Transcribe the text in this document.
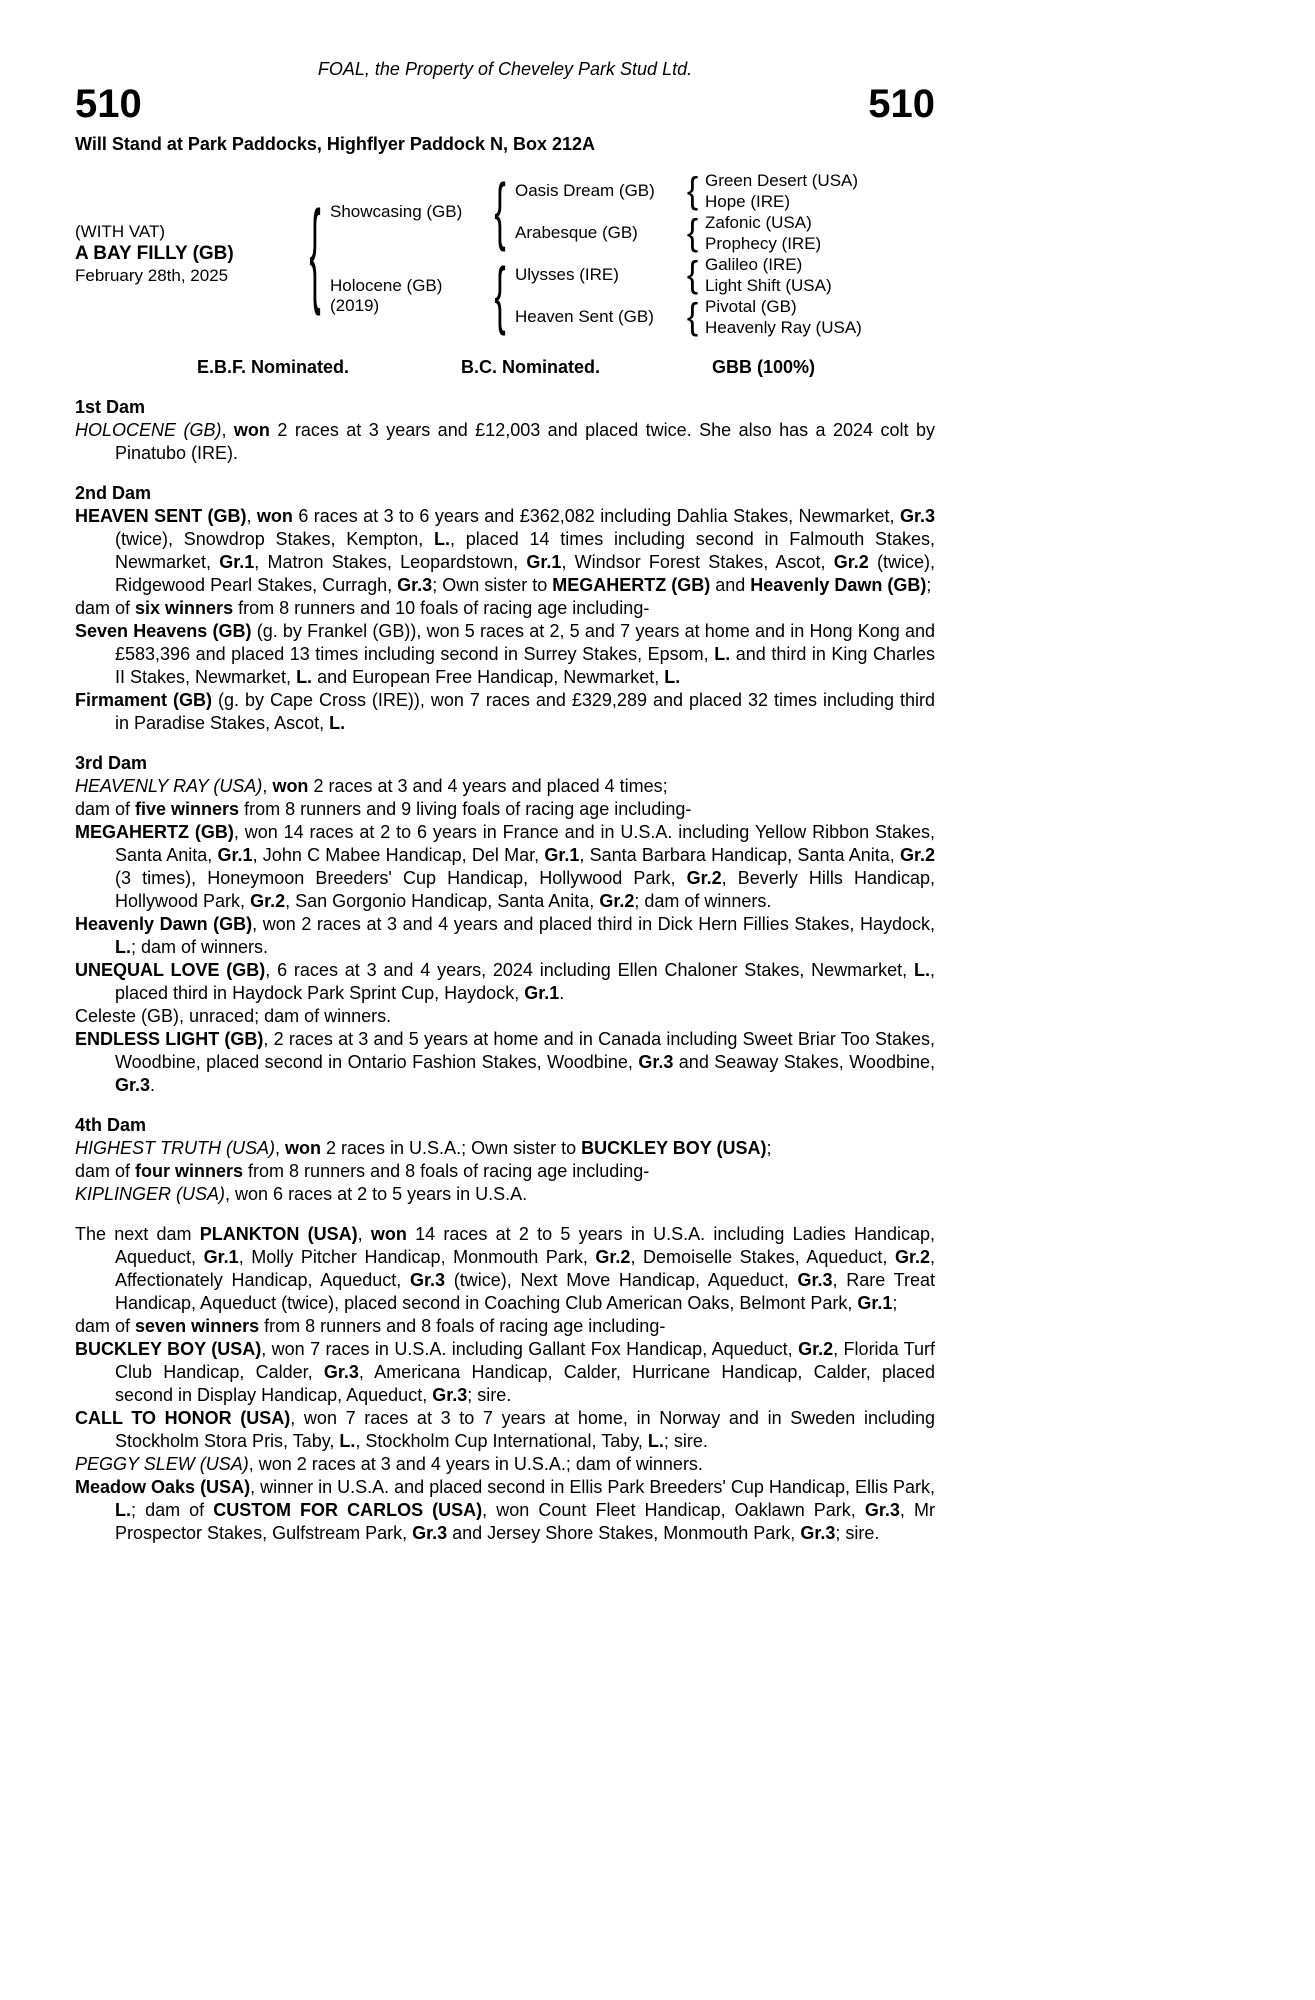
FOAL, the Property of Cheveley Park Stud Ltd.
510	510
Will Stand at Park Paddocks, Highflyer Paddock N, Box 212A
(WITH VAT)
A BAY FILLY (GB)
February 28th, 2025
{
Showcasing (GB)
Holocene (GB)
(2019)
{
{
Oasis Dream (GB)
Arabesque (GB)
Ulysses (IRE)
Heaven Sent (GB)
{
{
{
{
Green Desert (USA)
Hope (IRE)
Zafonic (USA)
Prophecy (IRE)
Galileo (IRE)
Light Shift (USA)
Pivotal (GB)
Heavenly Ray (USA)
E.B.F. Nominated.	B.C. Nominated.	GBB (100%)
1st Dam

HOLOCENE (GB), won 2 races at 3 years and £12,003 and placed twice. She also has a 2024 colt by Pinatubo (IRE).

2nd Dam

HEAVEN SENT (GB), won 6 races at 3 to 6 years and £362,082 including Dahlia Stakes, Newmarket, Gr.3 (twice), Snowdrop Stakes, Kempton, L., placed 14 times including second in Falmouth Stakes, Newmarket, Gr.1, Matron Stakes, Leopardstown, Gr.1, Windsor Forest Stakes, Ascot, Gr.2 (twice), Ridgewood Pearl Stakes, Curragh, Gr.3; Own sister to MEGAHERTZ (GB) and Heavenly Dawn (GB);

dam of six winners from 8 runners and 10 foals of racing age including-

Seven Heavens (GB) (g. by Frankel (GB)), won 5 races at 2, 5 and 7 years at home and in Hong Kong and £583,396 and placed 13 times including second in Surrey Stakes, Epsom, L. and third in King Charles II Stakes, Newmarket, L. and European Free Handicap, Newmarket, L.

Firmament (GB) (g. by Cape Cross (IRE)), won 7 races and £329,289 and placed 32 times including third in Paradise Stakes, Ascot, L.

3rd Dam

HEAVENLY RAY (USA), won 2 races at 3 and 4 years and placed 4 times;

dam of five winners from 8 runners and 9 living foals of racing age including-

MEGAHERTZ (GB), won 14 races at 2 to 6 years in France and in U.S.A. including Yellow Ribbon Stakes, Santa Anita, Gr.1, John C Mabee Handicap, Del Mar, Gr.1, Santa Barbara Handicap, Santa Anita, Gr.2 (3 times), Honeymoon Breeders' Cup Handicap, Hollywood Park, Gr.2, Beverly Hills Handicap, Hollywood Park, Gr.2, San Gorgonio Handicap, Santa Anita, Gr.2; dam of winners.

Heavenly Dawn (GB), won 2 races at 3 and 4 years and placed third in Dick Hern Fillies Stakes, Haydock, L.; dam of winners.

UNEQUAL LOVE (GB), 6 races at 3 and 4 years, 2024 including Ellen Chaloner Stakes, Newmarket, L., placed third in Haydock Park Sprint Cup, Haydock, Gr.1.

Celeste (GB), unraced; dam of winners.

ENDLESS LIGHT (GB), 2 races at 3 and 5 years at home and in Canada including Sweet Briar Too Stakes, Woodbine, placed second in Ontario Fashion Stakes, Woodbine, Gr.3 and Seaway Stakes, Woodbine, Gr.3.

4th Dam

HIGHEST TRUTH (USA), won 2 races in U.S.A.; Own sister to BUCKLEY BOY (USA);

dam of four winners from 8 runners and 8 foals of racing age including-

KIPLINGER (USA), won 6 races at 2 to 5 years in U.S.A.

The next dam PLANKTON (USA), won 14 races at 2 to 5 years in U.S.A. including Ladies Handicap, Aqueduct, Gr.1, Molly Pitcher Handicap, Monmouth Park, Gr.2, Demoiselle Stakes, Aqueduct, Gr.2, Affectionately Handicap, Aqueduct, Gr.3 (twice), Next Move Handicap, Aqueduct, Gr.3, Rare Treat Handicap, Aqueduct (twice), placed second in Coaching Club American Oaks, Belmont Park, Gr.1;

dam of seven winners from 8 runners and 8 foals of racing age including-

BUCKLEY BOY (USA), won 7 races in U.S.A. including Gallant Fox Handicap, Aqueduct, Gr.2, Florida Turf Club Handicap, Calder, Gr.3, Americana Handicap, Calder, Hurricane Handicap, Calder, placed second in Display Handicap, Aqueduct, Gr.3; sire.

CALL TO HONOR (USA), won 7 races at 3 to 7 years at home, in Norway and in Sweden including Stockholm Stora Pris, Taby, L., Stockholm Cup International, Taby, L.; sire.

PEGGY SLEW (USA), won 2 races at 3 and 4 years in U.S.A.; dam of winners.

Meadow Oaks (USA), winner in U.S.A. and placed second in Ellis Park Breeders' Cup Handicap, Ellis Park, L.; dam of CUSTOM FOR CARLOS (USA), won Count Fleet Handicap, Oaklawn Park, Gr.3, Mr Prospector Stakes, Gulfstream Park, Gr.3 and Jersey Shore Stakes, Monmouth Park, Gr.3; sire.
